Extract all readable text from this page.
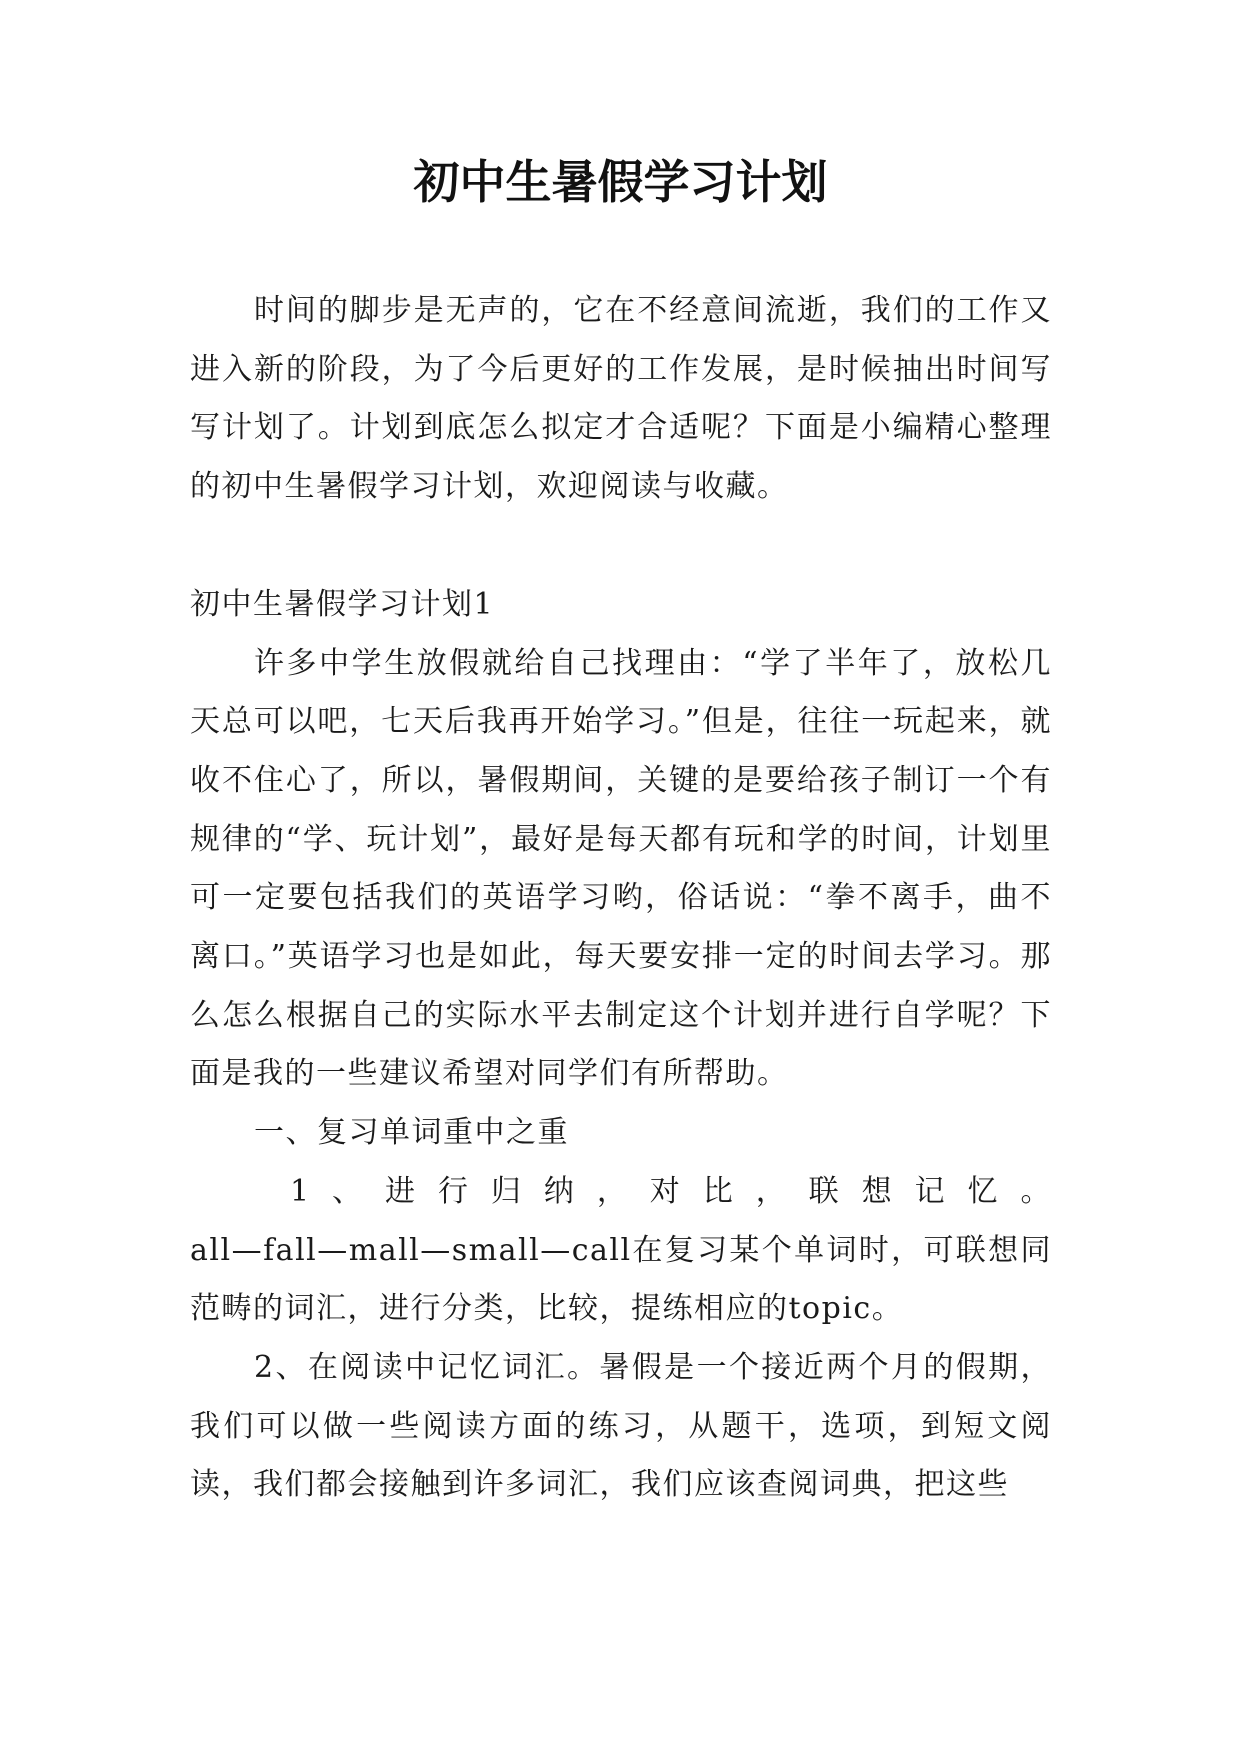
初中生暑假学习计划

时间的脚步是无声的，它在不经意间流逝，我们的工作又进入新的阶段，为了今后更好的工作发展，是时候抽出时间写写计划了。计划到底怎么拟定才合适呢？下面是小编精心整理的初中生暑假学习计划，欢迎阅读与收藏。

初中生暑假学习计划1

许多中学生放假就给自己找理由：“学了半年了，放松几天总可以吧，七天后我再开始学习。”但是，往往一玩起来，就收不住心了，所以，暑假期间，关键的是要给孩子制订一个有规律的“学、玩计划”，最好是每天都有玩和学的时间，计划里可一定要包括我们的英语学习哟，俗话说：“拳不离手，曲不离口。”英语学习也是如此，每天要安排一定的时间去学习。那么怎么根据自己的实际水平去制定这个计划并进行自学呢？下面是我的一些建议希望对同学们有所帮助。

一、复习单词重中之重

1、进行归纳，对比，联想记忆。

all—fall—mall—small—call在复习某个单词时，可联想同范畴的词汇，进行分类，比较，提练相应的topic。

2、在阅读中记忆词汇。暑假是一个接近两个月的假期，我们可以做一些阅读方面的练习，从题干，选项，到短文阅读，我们都会接触到许多词汇，我们应该查阅词典，把这些
